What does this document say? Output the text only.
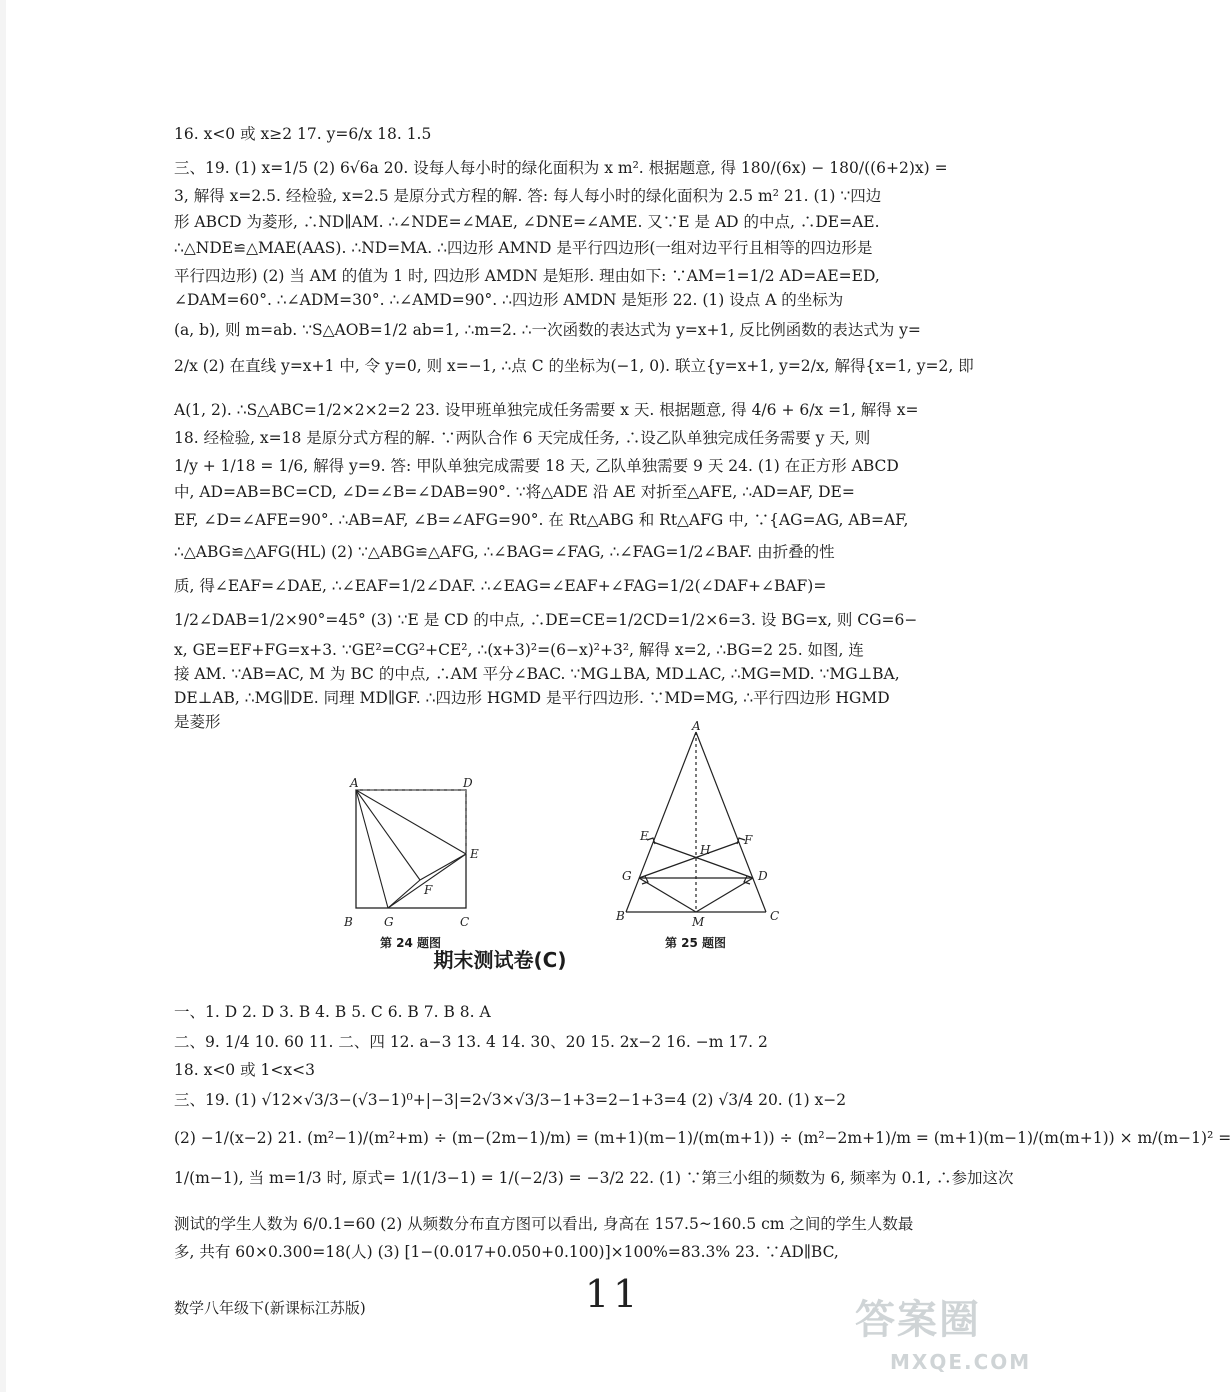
16. x<0 或 x≥2 17. y=6/x 18. 1.5
三、19. (1) x=1/5 (2) 6√6a 20. 设每人每小时的绿化面积为 x m². 根据题意, 得 180/(6x) − 180/((6+2)x) =
3, 解得 x=2.5. 经检验, x=2.5 是原分式方程的解. 答: 每人每小时的绿化面积为 2.5 m² 21. (1) ∵四边
形 ABCD 为菱形, ∴ND∥AM. ∴∠NDE=∠MAE, ∠DNE=∠AME. 又∵E 是 AD 的中点, ∴DE=AE.
∴△NDE≌△MAE(AAS). ∴ND=MA. ∴四边形 AMND 是平行四边形(一组对边平行且相等的四边形是
平行四边形) (2) 当 AM 的值为 1 时, 四边形 AMDN 是矩形. 理由如下: ∵AM=1=1/2 AD=AE=ED,
∠DAM=60°. ∴∠ADM=30°. ∴∠AMD=90°. ∴四边形 AMDN 是矩形 22. (1) 设点 A 的坐标为
(a, b), 则 m=ab. ∵S△AOB=1/2 ab=1, ∴m=2. ∴一次函数的表达式为 y=x+1, 反比例函数的表达式为 y=
2/x (2) 在直线 y=x+1 中, 令 y=0, 则 x=−1, ∴点 C 的坐标为(−1, 0). 联立{y=x+1, y=2/x, 解得{x=1, y=2, 即
A(1, 2). ∴S△ABC=1/2×2×2=2 23. 设甲班单独完成任务需要 x 天. 根据题意, 得 4/6 + 6/x =1, 解得 x=
18. 经检验, x=18 是原分式方程的解. ∵两队合作 6 天完成任务, ∴设乙队单独完成任务需要 y 天, 则
1/y + 1/18 = 1/6, 解得 y=9. 答: 甲队单独完成需要 18 天, 乙队单独需要 9 天 24. (1) 在正方形 ABCD
中, AD=AB=BC=CD, ∠D=∠B=∠DAB=90°. ∵将△ADE 沿 AE 对折至△AFE, ∴AD=AF, DE=
EF, ∠D=∠AFE=90°. ∴AB=AF, ∠B=∠AFG=90°. 在 Rt△ABG 和 Rt△AFG 中, ∵{AG=AG, AB=AF,
∴△ABG≌△AFG(HL) (2) ∵△ABG≌△AFG, ∴∠BAG=∠FAG, ∴∠FAG=1/2∠BAF. 由折叠的性
质, 得∠EAF=∠DAE, ∴∠EAF=1/2∠DAF. ∴∠EAG=∠EAF+∠FAG=1/2(∠DAF+∠BAF)=
1/2∠DAB=1/2×90°=45° (3) ∵E 是 CD 的中点, ∴DE=CE=1/2CD=1/2×6=3. 设 BG=x, 则 CG=6−
x, GE=EF+FG=x+3. ∵GE²=CG²+CE², ∴(x+3)²=(6−x)²+3², 解得 x=2, ∴BG=2 25. 如图, 连
接 AM. ∵AB=AC, M 为 BC 的中点, ∴AM 平分∠BAC. ∵MG⊥BA, MD⊥AC, ∴MG=MD. ∵MG⊥BA,
DE⊥AB, ∴MG∥DE. 同理 MD∥GF. ∴四边形 HGMD 是平行四边形. ∵MD=MG, ∴平行四边形 HGMD
是菱形
A	D
E
F
B	G	C
第 24 题图
A
E	F
H
G	D
B	M	C
第 25 题图
期末测试卷(C)
一、1. D 2. D 3. B 4. B 5. C 6. B 7. B 8. A
二、9. 1/4 10. 60 11. 二、四 12. a−3 13. 4 14. 30、20 15. 2x−2 16. −m 17. 2
18. x<0 或 1<x<3
三、19. (1) √12×√3/3−(√3−1)⁰+|−3|=2√3×√3/3−1+3=2−1+3=4 (2) √3/4 20. (1) x−2
(2) −1/(x−2) 21. (m²−1)/(m²+m) ÷ (m−(2m−1)/m) = (m+1)(m−1)/(m(m+1)) ÷ (m²−2m+1)/m = (m+1)(m−1)/(m(m+1)) × m/(m−1)² =
1/(m−1), 当 m=1/3 时, 原式= 1/(1/3−1) = 1/(−2/3) = −3/2 22. (1) ∵第三小组的频数为 6, 频率为 0.1, ∴参加这次
测试的学生人数为 6/0.1=60 (2) 从频数分布直方图可以看出, 身高在 157.5~160.5 cm 之间的学生人数最
多, 共有 60×0.300=18(人) (3) [1−(0.017+0.050+0.100)]×100%=83.3% 23. ∵AD∥BC,
11
数学八年级下(新课标江苏版)	答案圈
MXQE.COM
